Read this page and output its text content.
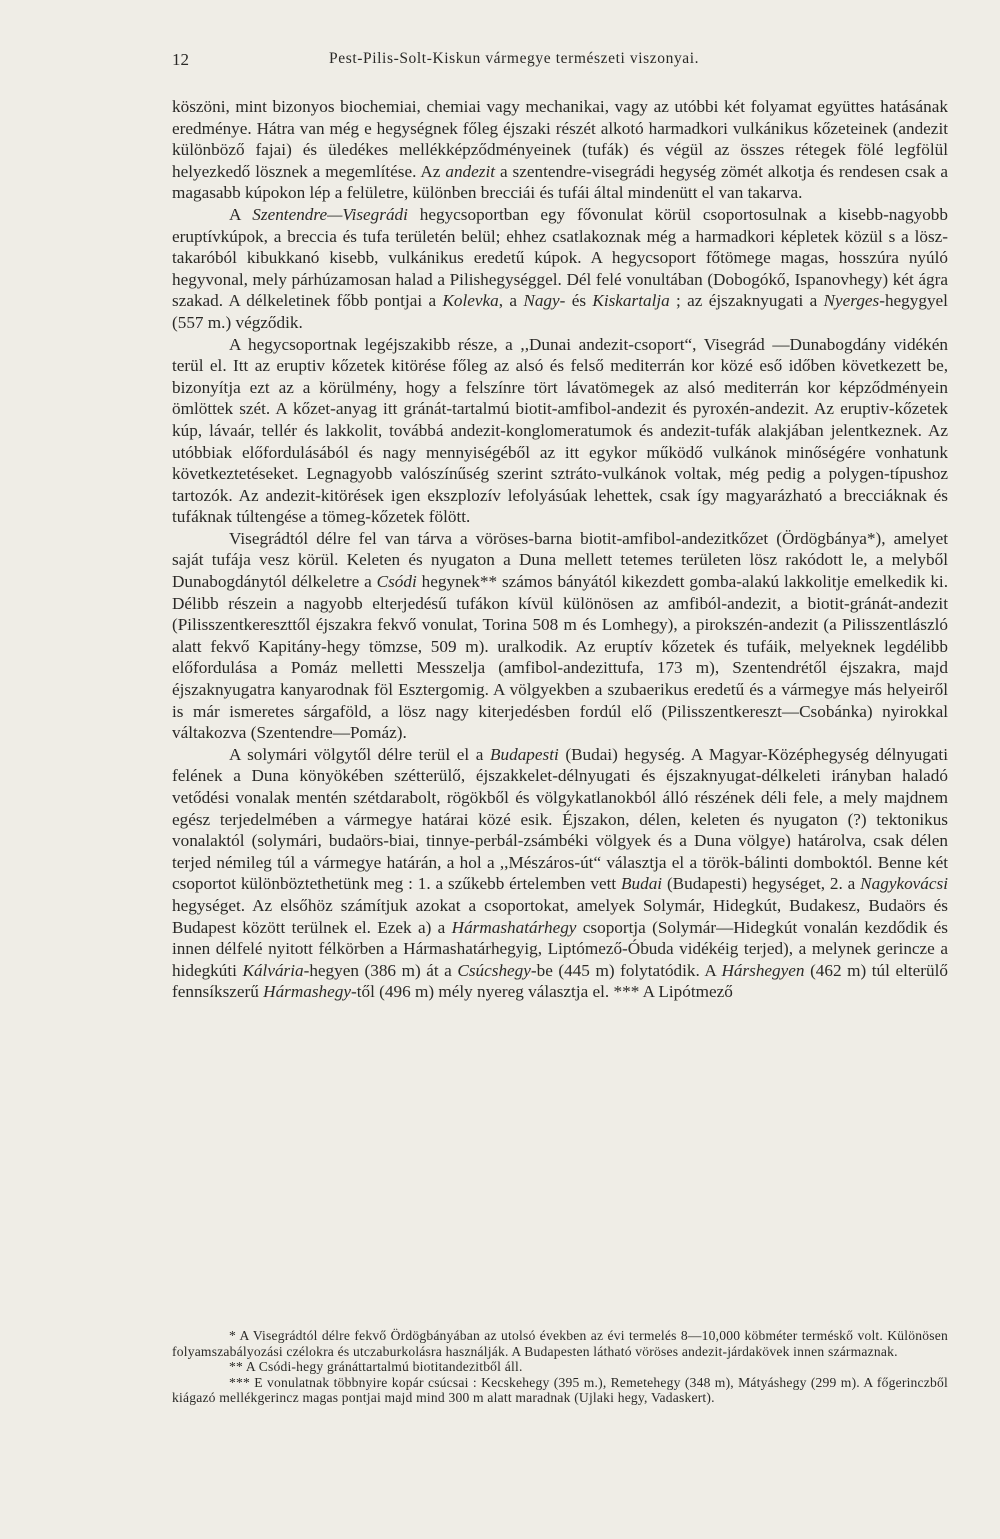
12	Pest-Pilis-Solt-Kiskun vármegye természeti viszonyai.

köszöni, mint bizonyos biochemiai, chemiai vagy mechanikai, vagy az utóbbi két folyamat együttes hatásának eredménye. Hátra van még e hegységnek főleg éjszaki részét alkotó harmadkori vulkánikus kőzeteinek (andezit különböző fajai) és üledékes mellékképződményeinek (tufák) és végül az összes rétegek fölé legfölül helyezkedő lösznek a megemlítése. Az andezit a szentendre-visegrádi hegység zömét alkotja és rendesen csak a magasabb kúpokon lép a felületre, különben brecciái és tufái által mindenütt el van takarva.

A Szentendre—Visegrádi hegycsoportban egy fővonulat körül csoportosulnak a kisebb-nagyobb eruptívkúpok, a breccia és tufa területén belül; ehhez csatlakoznak még a harmadkori képletek közül s a lösz-takaróból kibukkanó kisebb, vulkánikus eredetű kúpok. A hegycsoport főtömege magas, hosszúra nyúló hegyvonal, mely párhúzamosan halad a Pilishegységgel. Dél felé vonultában (Dobogókő, Ispanovhegy) két ágra szakad. A délkeletinek főbb pontjai a Kolevka, a Nagy- és Kiskartalja ; az éjszaknyugati a Nyerges-hegygyel (557 m.) végződik.

A hegycsoportnak legéjszakibb része, a ,,Dunai andezit-csoport“, Visegrád —Dunabogdány vidékén terül el. Itt az eruptiv kőzetek kitörése főleg az alsó és felső mediterrán kor közé eső időben következett be, bizonyítja ezt az a körülmény, hogy a felszínre tört lávatömegek az alsó mediterrán kor képződményein ömlöttek szét. A kőzet-anyag itt gránát-tartalmú biotit-amfibol-andezit és pyroxén-andezit. Az eruptiv-kőzetek kúp, lávaár, tellér és lakkolit, továbbá andezit-konglomeratumok és andezit-tufák alakjában jelentkeznek. Az utóbbiak előfordulásából és nagy mennyiségéből az itt egykor működő vulkánok minőségére vonhatunk következtetéseket. Legnagyobb valószínűség szerint sztráto-vulkánok voltak, még pedig a polygen-típushoz tartozók. Az andezit-kitörések igen ekszplozív lefolyásúak lehettek, csak így magyarázható a brecciáknak és tufáknak túltengése a tömeg-kőzetek fölött.

Visegrádtól délre fel van tárva a vöröses-barna biotit-amfibol-andezitkőzet (Ördögbánya*), amelyet saját tufája vesz körül. Keleten és nyugaton a Duna mellett tetemes területen lösz rakódott le, a melyből Dunabogdánytól délkeletre a Csódi hegynek** számos bányától kikezdett gomba-alakú lakkolitje emelkedik ki. Délibb részein a nagyobb elterjedésű tufákon kívül különösen az amfiból-andezit, a biotit-gránát-andezit (Pilisszentkereszttől éjszakra fekvő vonulat, Torina 508 m és Lomhegy), a pirokszén-andezit (a Pilisszentlászló alatt fekvő Kapitány-hegy tömzse, 509 m). uralkodik. Az eruptív kőzetek és tufáik, melyeknek legdélibb előfordulása a Pomáz melletti Messzelja (amfibol-andezittufa, 173 m), Szentendrétől éjszakra, majd éjszaknyugatra kanyarodnak föl Esztergomig. A völgyekben a szubaerikus eredetű és a vármegye más helyeiről is már ismeretes sárgaföld, a lösz nagy kiterjedésben fordúl elő (Pilisszentkereszt—Csobánka) nyirokkal váltakozva (Szentendre—Pomáz).

A solymári völgytől délre terül el a Budapesti (Budai) hegység. A Magyar-Középhegység délnyugati felének a Duna könyökében szétterülő, éjszakkelet-délnyugati és éjszaknyugat-délkeleti irányban haladó vetődési vonalak mentén szétdarabolt, rögökből és völgykatlanokból álló részének déli fele, a mely majdnem egész terjedelmében a vármegye határai közé esik. Éjszakon, délen, keleten és nyugaton (?) tektonikus vonalaktól (solymári, budaörs-biai, tinnye-perbál-zsámbéki völgyek és a Duna völgye) határolva, csak délen terjed némileg túl a vármegye határán, a hol a ,,Mészáros-út“ választja el a török-bálinti domboktól. Benne két csoportot különböztethetünk meg : 1. a szűkebb értelemben vett Budai (Budapesti) hegységet, 2. a Nagykovácsi hegységet. Az elsőhöz számítjuk azokat a csoportokat, amelyek Solymár, Hidegkút, Budakesz, Budaörs és Budapest között terülnek el. Ezek a) a Hármashatárhegy csoportja (Solymár—Hidegkút vonalán kezdődik és innen délfelé nyitott félkörben a Hármashatárhegyig, Liptómező-Óbuda vidékéig terjed), a melynek gerincze a hidegkúti Kálvária-hegyen (386 m) át a Csúcshegy-be (445 m) folytatódik. A Hárshegyen (462 m) túl elterülő fennsíkszerű Hármashegy-től (496 m) mély nyereg választja el. *** A Lipótmező

* A Visegrádtól délre fekvő Ördögbányában az utolsó években az évi termelés 8—10,000 köbméter terméskő volt. Különösen folyamszabályozási czélokra és utczaburkolásra használják. A Budapesten látható vöröses andezit-járdakövek innen származnak.

** A Csódi-hegy gránáttartalmú biotitandezitből áll.

*** E vonulatnak többnyire kopár csúcsai : Kecskehegy (395 m.), Remetehegy (348 m), Mátyáshegy (299 m). A főgerinczből kiágazó mellékgerincz magas pontjai majd mind 300 m alatt maradnak (Ujlaki hegy, Vadaskert).
